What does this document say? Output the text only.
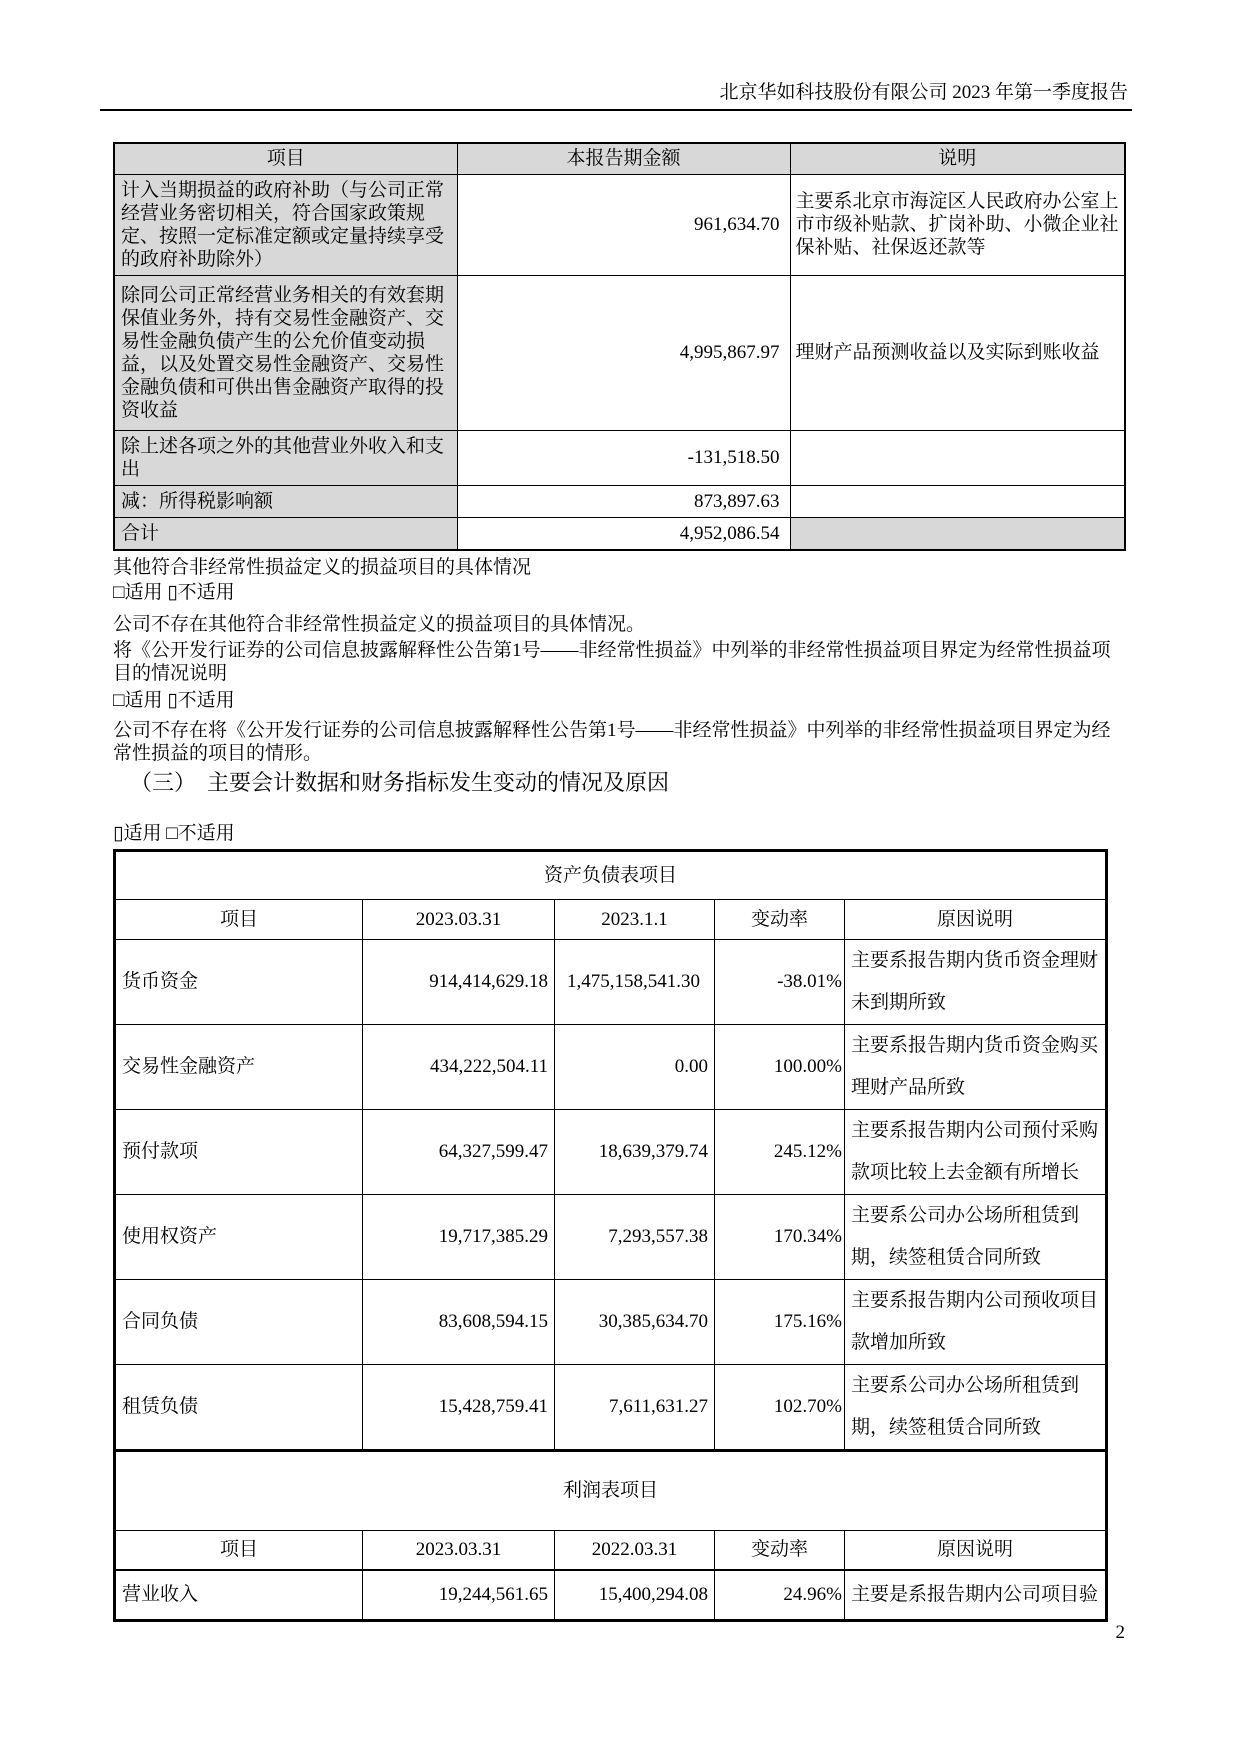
北京华如科技股份有限公司 2023 年第一季度报告
项目	本报告期金额	说明
计入当期损益的政府补助（与公司正常经营业务密切相关，符合国家政策规定、按照一定标准定额或定量持续享受的政府补助除外）	961,634.70	主要系北京市海淀区人民政府办公室上市市级补贴款、扩岗补助、小微企业社保补贴、社保返还款等
除同公司正常经营业务相关的有效套期保值业务外，持有交易性金融资产、交易性金融负债产生的公允价值变动损益，以及处置交易性金融资产、交易性金融负债和可供出售金融资产取得的投资收益	4,995,867.97	理财产品预测收益以及实际到账收益
除上述各项之外的其他营业外收入和支出	-131,518.50	
减：所得税影响额	873,897.63	
合计	4,952,086.54	

其他符合非经常性损益定义的损益项目的具体情况

□适用 ▯不适用

公司不存在其他符合非经常性损益定义的损益项目的具体情况。

将《公开发行证券的公司信息披露解释性公告第1号——非经常性损益》中列举的非经常性损益项目界定为经常性损益项目的情况说明

□适用 ▯不适用

公司不存在将《公开发行证券的公司信息披露解释性公告第1号——非经常性损益》中列举的非经常性损益项目界定为经常性损益的项目的情形。

（三）　主要会计数据和财务指标发生变动的情况及原因

▯适用 □不适用

资产负债表项目				
项目	2023.03.31	2023.1.1	变动率	原因说明
货币资金	914,414,629.18	1,475,158,541.30	-38.01%	主要系报告期内货币资金理财未到期所致
交易性金融资产	434,222,504.11	0.00	100.00%	主要系报告期内货币资金购买理财产品所致
预付款项	64,327,599.47	18,639,379.74	245.12%	主要系报告期内公司预付采购款项比较上去金额有所增长
使用权资产	19,717,385.29	7,293,557.38	170.34%	主要系公司办公场所租赁到期，续签租赁合同所致
合同负债	83,608,594.15	30,385,634.70	175.16%	主要系报告期内公司预收项目款增加所致
租赁负债	15,428,759.41	7,611,631.27	102.70%	主要系公司办公场所租赁到期，续签租赁合同所致
利润表项目				
项目	2023.03.31	2022.03.31	变动率	原因说明
营业收入	19,244,561.65	15,400,294.08	24.96%	主要是系报告期内公司项目验
2
